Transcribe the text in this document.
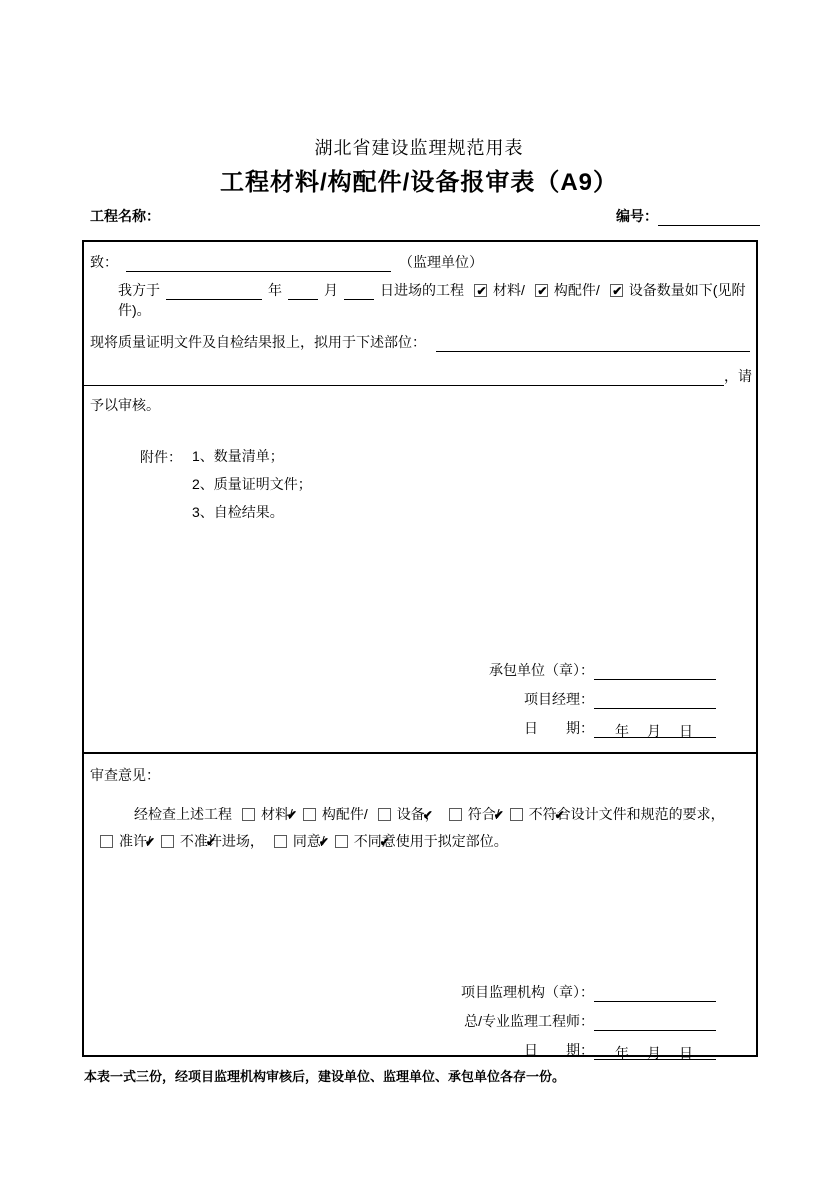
湖北省建设监理规范用表
工程材料/构配件/设备报审表（A9）
工程名称：	编号：
致：	（监理单位）
我方于	年	月	日进场的工程 ✔ 材料/ ✔ 构配件/ ✔ 设备数量如下(见附件)。
现将质量证明文件及自检结果报上，拟用于下述部位：
，请
予以审核。
附件： 1、数量清单；
2、质量证明文件；
3、自检结果。
承包单位（章）：
项目经理：
日　　期：	年　月　日
审查意见：
经检查上述工程 ✔ 材料/ 构配件/ ✔ 设备， ✔ 符合/ ✔ 不符合设计文件和规范的要求，✔准许/ ✔ 不准许进场， ✔ 同意/ ✔ 不同意使用于拟定部位。
项目监理机构（章）：
总/专业监理工程师：
日　　期：	年　月　日
本表一式三份，经项目监理机构审核后，建设单位、监理单位、承包单位各存一份。
